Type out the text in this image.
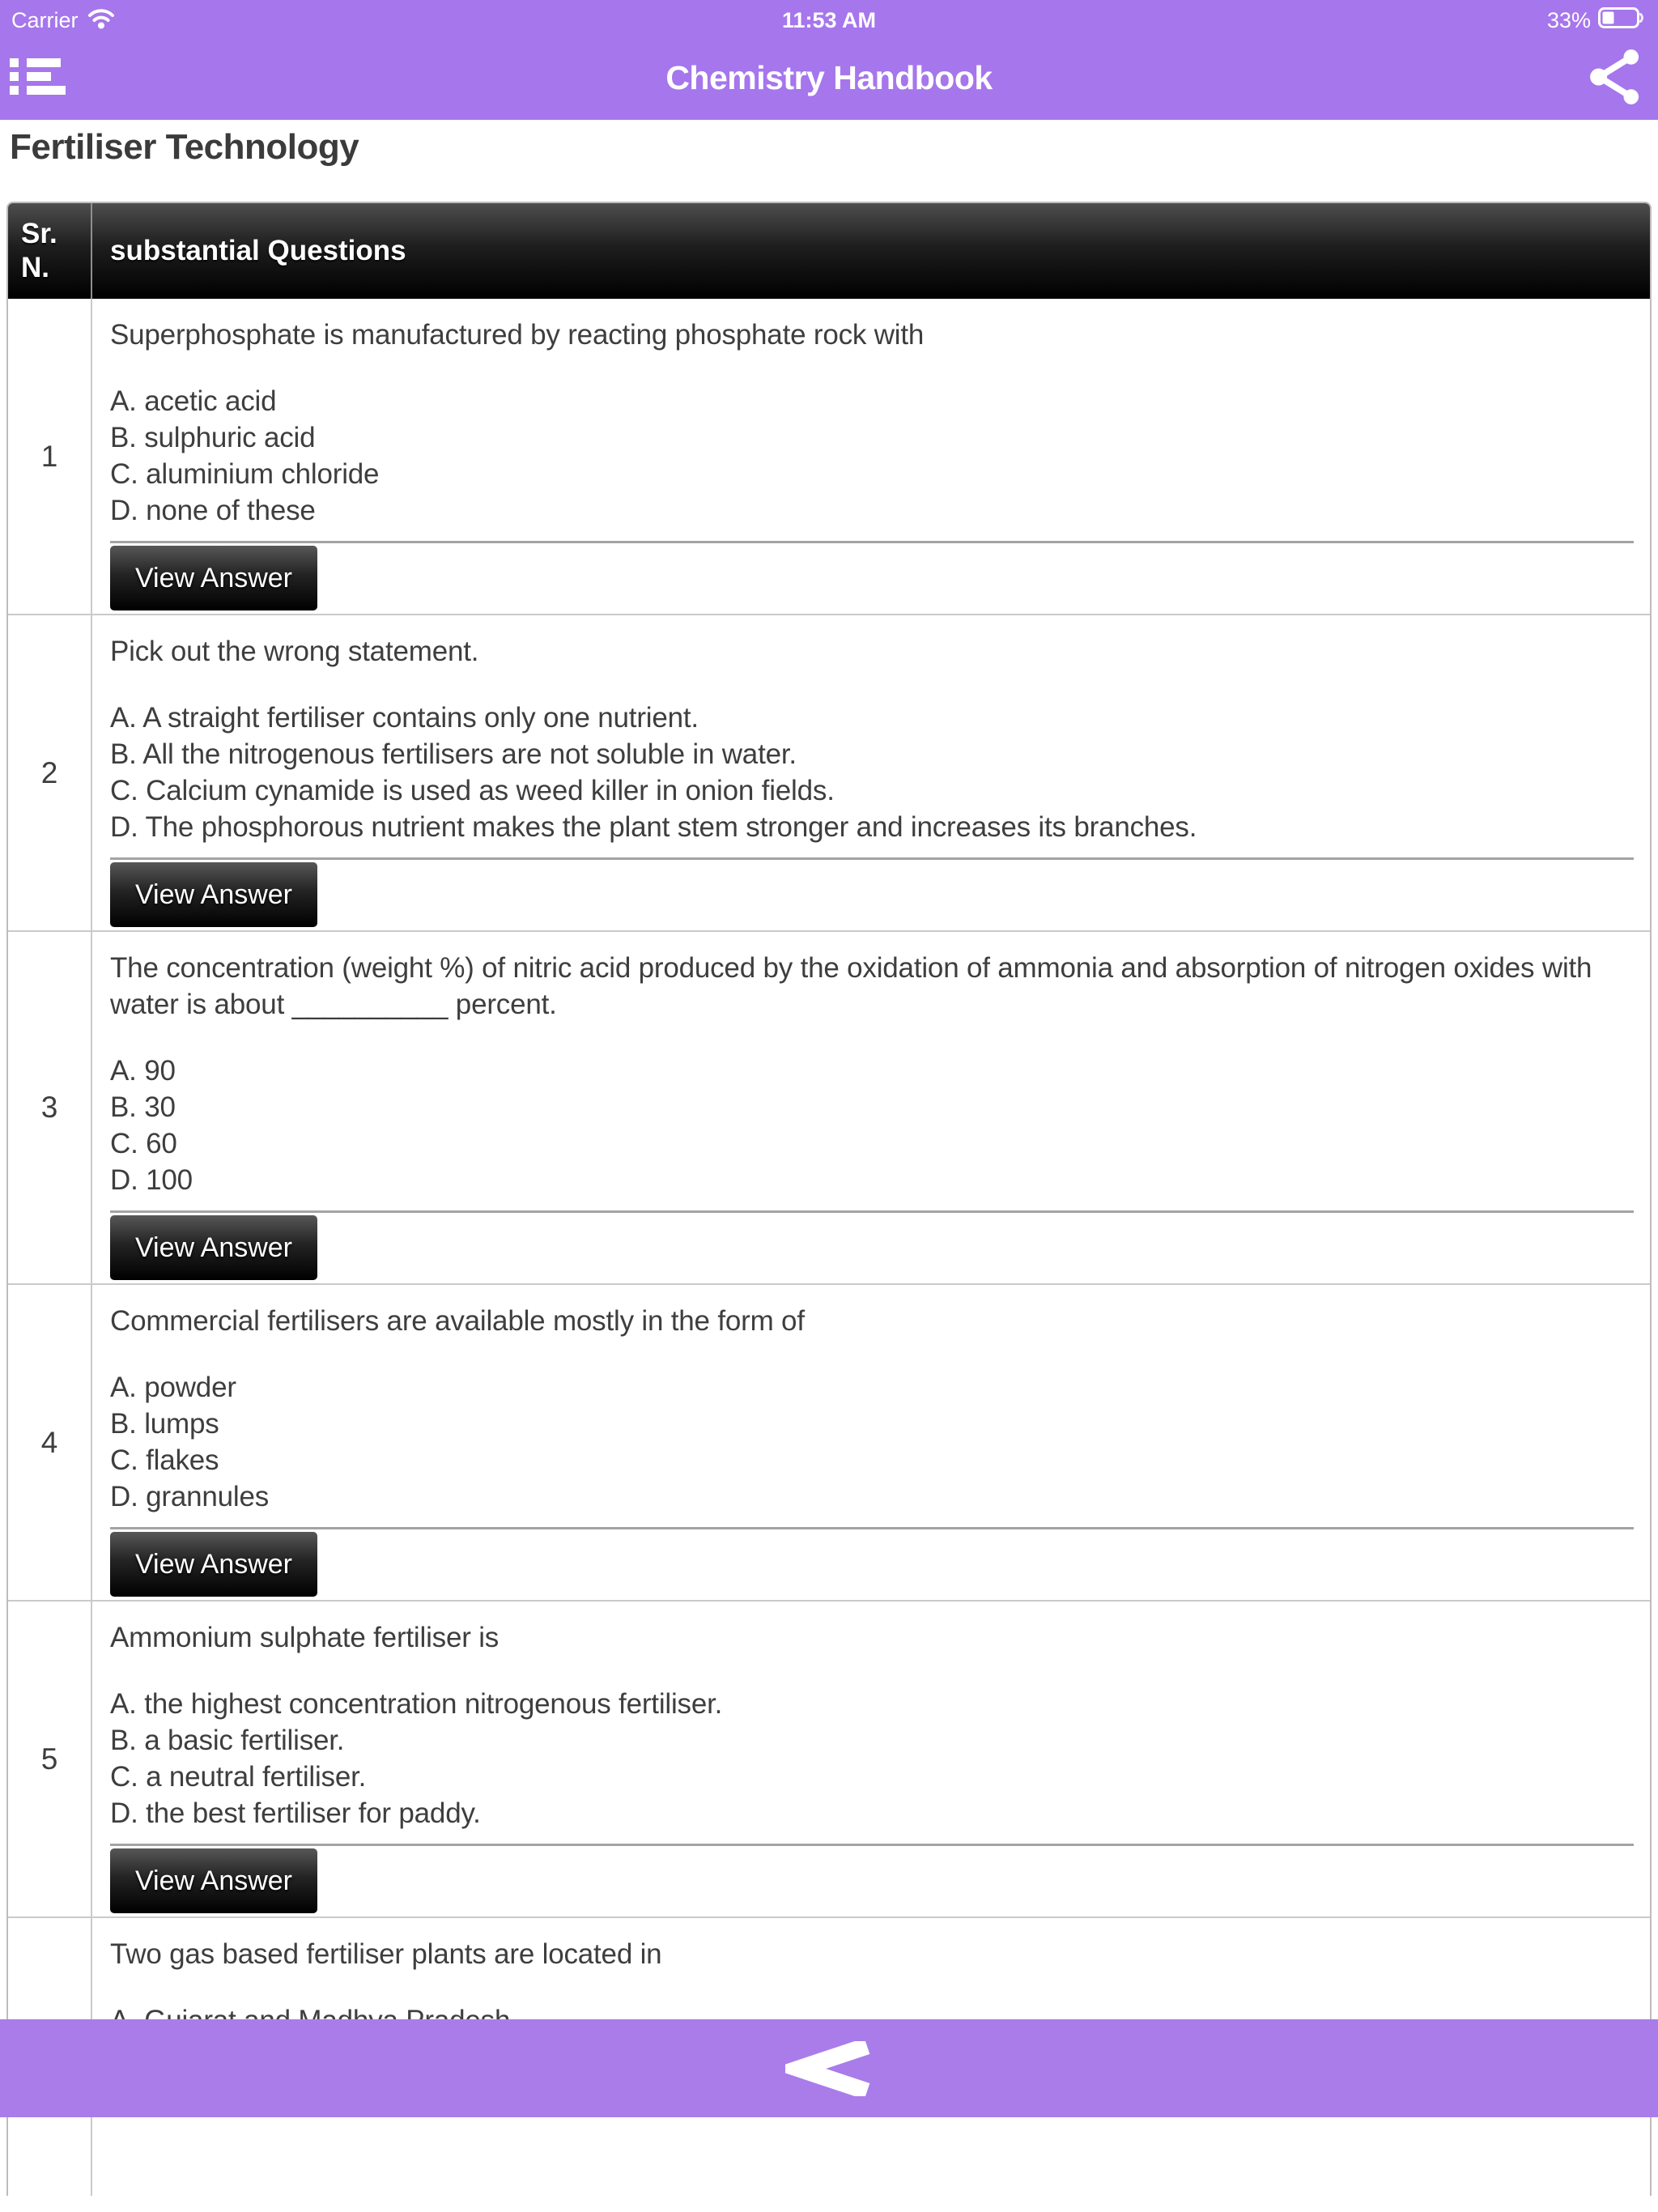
Carrier	11:53 AM	33%
Chemistry Handbook
Fertiliser Technology
Sr.
N.
substantial Questions
1
Superphosphate is manufactured by reacting phosphate rock with
A. acetic acid
B. sulphuric acid
C. aluminium chloride
D. none of these
View Answer
2
Pick out the wrong statement.
A. A straight fertiliser contains only one nutrient.
B. All the nitrogenous fertilisers are not soluble in water.
C. Calcium cynamide is used as weed killer in onion fields.
D. The phosphorous nutrient makes the plant stem stronger and increases its branches.
View Answer
3
The concentration (weight %) of nitric acid produced by the oxidation of ammonia and absorption of nitrogen oxides with water is about __________ percent.
A. 90
B. 30
C. 60
D. 100
View Answer
4
Commercial fertilisers are available mostly in the form of
A. powder
B. lumps
C. flakes
D. grannules
View Answer
5
Ammonium sulphate fertiliser is
A. the highest concentration nitrogenous fertiliser.
B. a basic fertiliser.
C. a neutral fertiliser.
D. the best fertiliser for paddy.
View Answer
Two gas based fertiliser plants are located in
